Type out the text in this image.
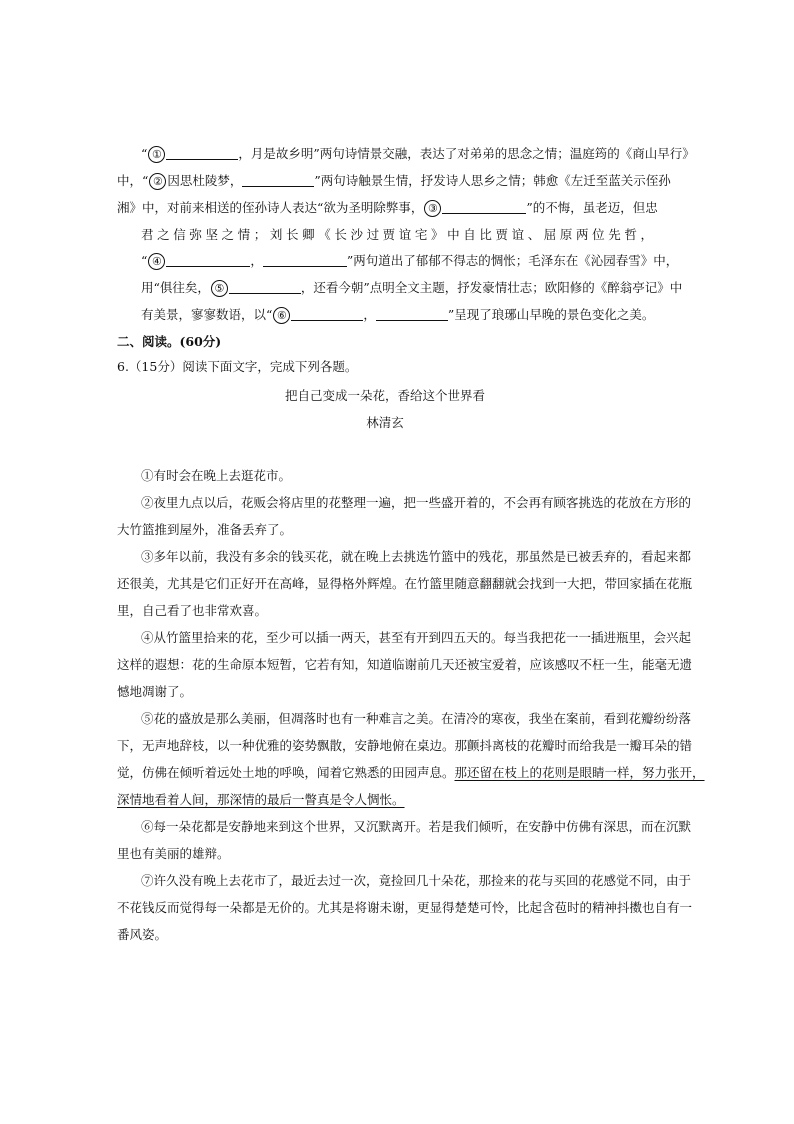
“ ①	，月是故乡明”两句诗情景交融，表达了对弟弟的思念之情；温庭筠的《商山早行》
中，“ ② 因思杜陵梦，	”两句诗触景生情，抒发诗人思乡之情；韩愈《左迁至蓝关示侄孙
湘》中，对前来相送的侄孙诗人表达“欲为圣明除弊事， ③	”的不悔，虽老迈，但忠
君之信弥坚之情；刘长卿《长沙过贾谊宅》中自比贾谊、屈原两位先哲，
“ ④	，	”两句道出了郁郁不得志的惆怅；毛泽东在《沁园春雪》中，
用“俱往矣， ⑤	，还看今朝”点明全文主题，抒发豪情壮志；欧阳修的《醉翁亭记》中
有美景，寥寥数语，以“ ⑥	，	”呈现了琅琊山早晚的景色变化之美。
二、阅读。(60分)
6.（15分）阅读下面文字，完成下列各题。
把自己变成一朵花，香给这个世界看
林清玄
①有时会在晚上去逛花市。
②夜里九点以后，花贩会将店里的花整理一遍，把一些盛开着的，不会再有顾客挑选的花放在方形的
大竹篮推到屋外，准备丢弃了。
③多年以前，我没有多余的钱买花，就在晚上去挑选竹篮中的残花，那虽然是已被丢弃的，看起来都
还很美，尤其是它们正好开在高峰，显得格外辉煌。在竹篮里随意翻翻就会找到一大把，带回家插在花瓶
里，自己看了也非常欢喜。
④从竹篮里拾来的花，至少可以插一两天，甚至有开到四五天的。每当我把花一一插进瓶里，会兴起
这样的遐想：花的生命原本短暂，它若有知，知道临谢前几天还被宝爱着，应该感叹不枉一生，能毫无遗
憾地凋谢了。
⑤花的盛放是那么美丽，但凋落时也有一种难言之美。在清冷的寒夜，我坐在案前，看到花瓣纷纷落
下，无声地辞枝，以一种优雅的姿势飘散，安静地俯在桌边。那颤抖离枝的花瓣时而给我是一瓣耳朵的错
觉，仿佛在倾听着远处土地的呼唤，闻着它熟悉的田园声息。 那还留在枝上的花则是眼睛一样，努力张开，
深情地看着人间，那深情的最后一瞥真是令人惆怅。
⑥每一朵花都是安静地来到这个世界，又沉默离开。若是我们倾听，在安静中仿佛有深思，而在沉默
里也有美丽的雄辩。
⑦许久没有晚上去花市了，最近去过一次，竟捡回几十朵花，那捡来的花与买回的花感觉不同，由于
不花钱反而觉得每一朵都是无价的。尤其是将谢未谢，更显得楚楚可怜，比起含苞时的精神抖擞也自有一
番风姿。
